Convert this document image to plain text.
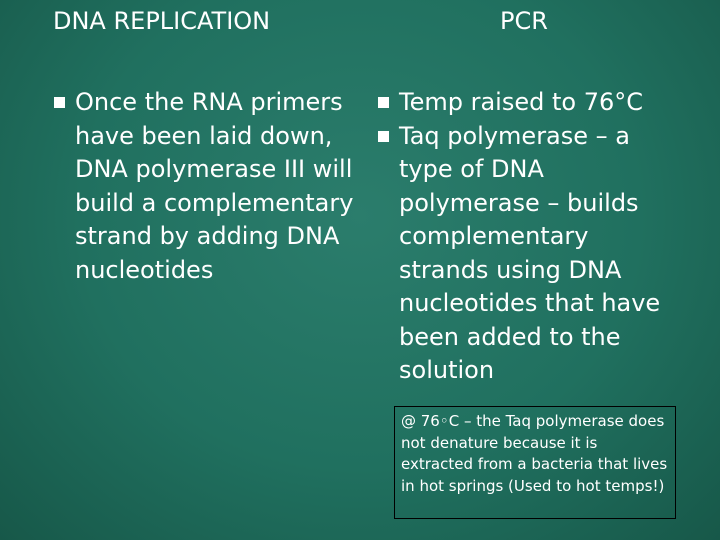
DNA REPLICATION	PCR
Once the RNA primers have been laid down, DNA polymerase III will build a complementary strand by adding DNA nucleotides
Temp raised to 76°C
Taq polymerase – a type of DNA polymerase – builds complementary strands using DNA nucleotides that have been added to the solution
@ 76◦C – the Taq polymerase does not denature because it is extracted from a bacteria that lives in hot springs (Used to hot temps!)
